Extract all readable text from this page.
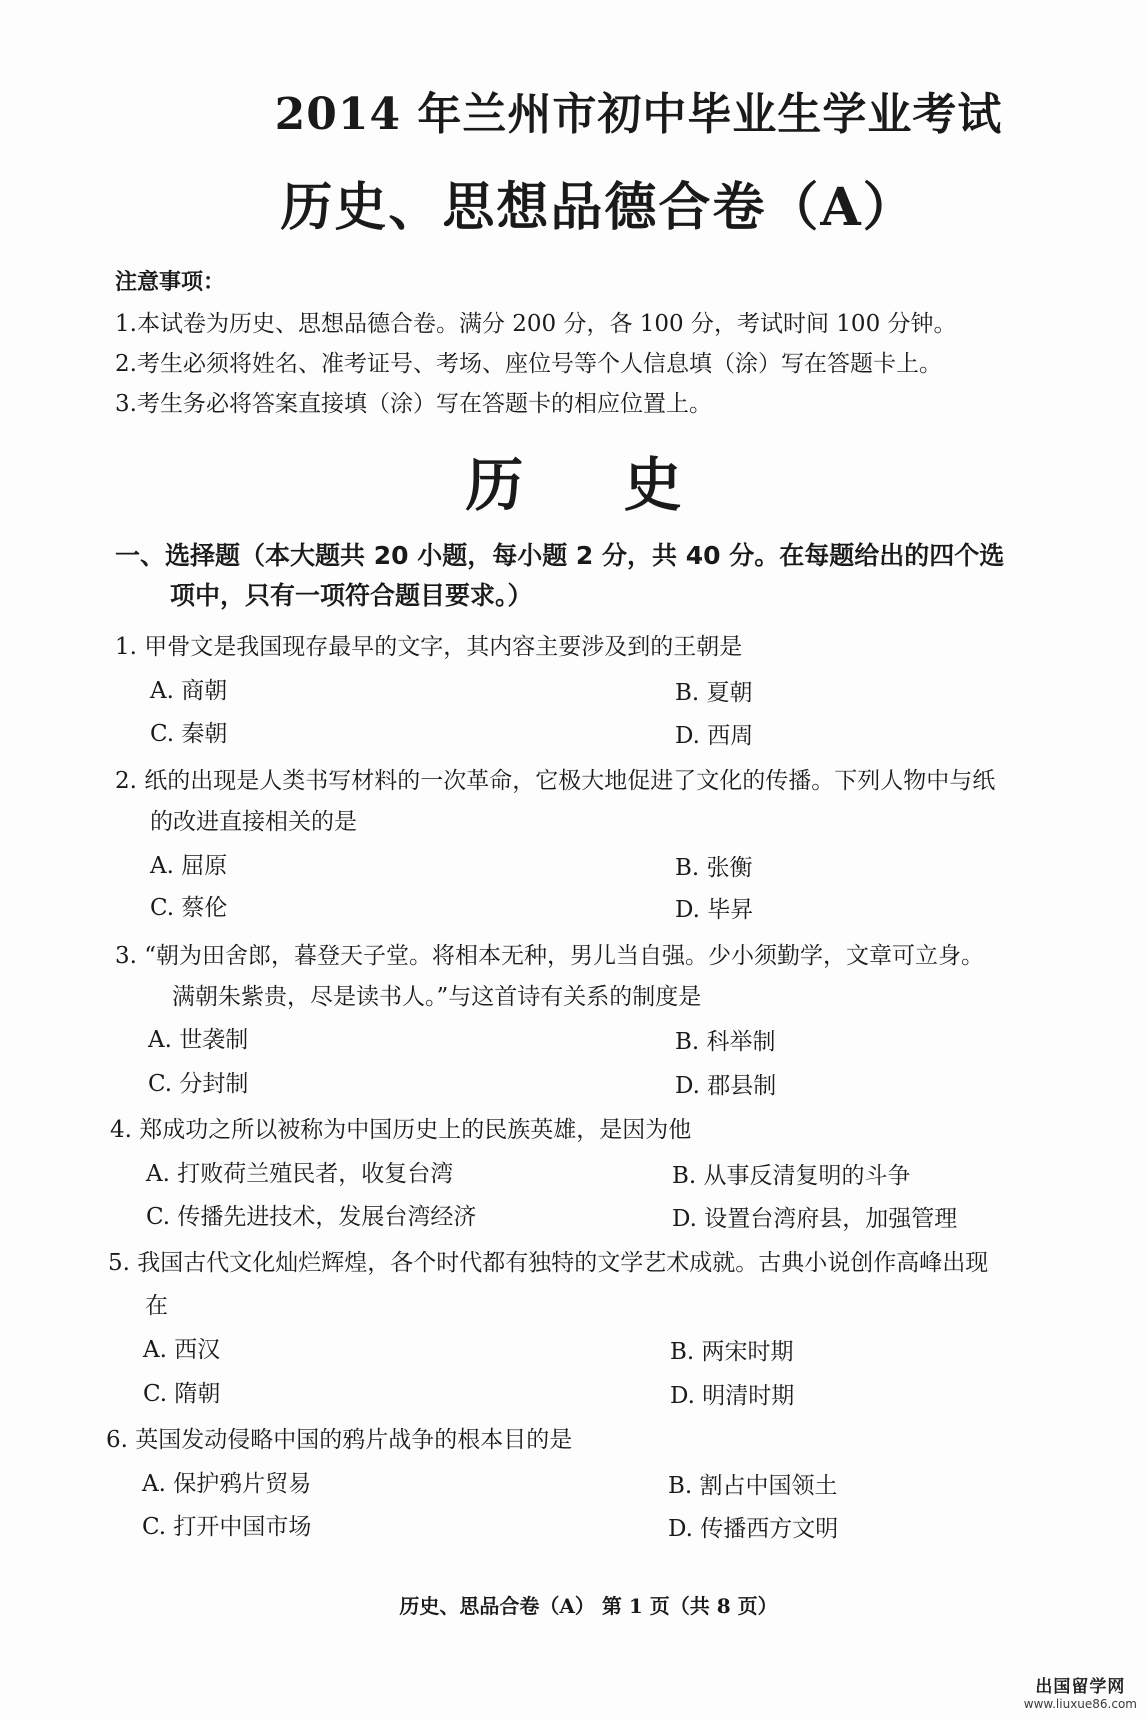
2014 年兰州市初中毕业生学业考试
历史、思想品德合卷（A）
注意事项：
1.本试卷为历史、思想品德合卷。满分 200 分，各 100 分，考试时间 100 分钟。
2.考生必须将姓名、准考证号、考场、座位号等个人信息填（涂）写在答题卡上。
3.考生务必将答案直接填（涂）写在答题卡的相应位置上。
历 史
一、选择题（本大题共 20 小题，每小题 2 分，共 40 分。在每题给出的四个选
项中，只有一项符合题目要求。）
1. 甲骨文是我国现存最早的文字，其内容主要涉及到的王朝是
A. 商朝	B. 夏朝
C. 秦朝	D. 西周
2. 纸的出现是人类书写材料的一次革命，它极大地促进了文化的传播。下列人物中与纸
的改进直接相关的是
A. 屈原	B. 张衡
C. 蔡伦	D. 毕昇
3. “朝为田舍郎，暮登天子堂。将相本无种，男儿当自强。少小须勤学，文章可立身。
满朝朱紫贵，尽是读书人。”与这首诗有关系的制度是
A. 世袭制	B. 科举制
C. 分封制	D. 郡县制
4. 郑成功之所以被称为中国历史上的民族英雄，是因为他
A. 打败荷兰殖民者，收复台湾	B. 从事反清复明的斗争
C. 传播先进技术，发展台湾经济	D. 设置台湾府县，加强管理
5. 我国古代文化灿烂辉煌，各个时代都有独特的文学艺术成就。古典小说创作高峰出现
在
A. 西汉	B. 两宋时期
C. 隋朝	D. 明清时期
6. 英国发动侵略中国的鸦片战争的根本目的是
A. 保护鸦片贸易	B. 割占中国领土
C. 打开中国市场	D. 传播西方文明
历史、思品合卷（A） 第 1 页（共 8 页）
出国留学网
www.liuxue86.com
